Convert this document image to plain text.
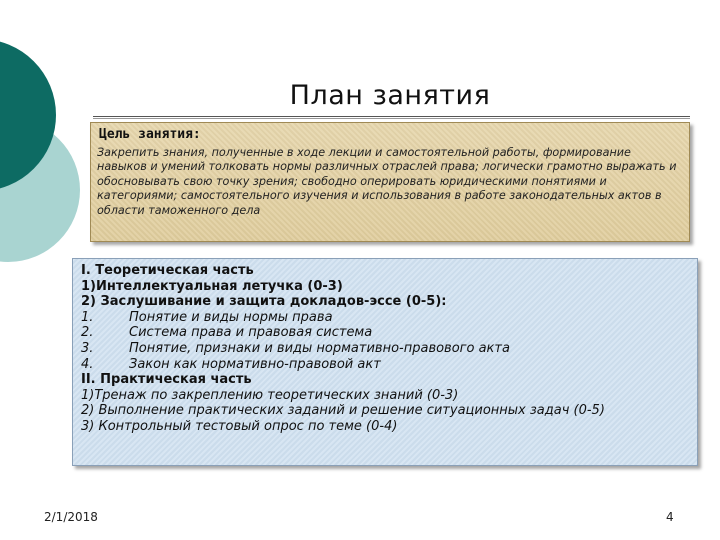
План занятия
Цель занятия:

Закрепить знания, полученные в ходе лекции и самостоятельной работы, формирование навыков и умений толковать нормы различных отраслей права; логически грамотно выражать и обосновывать свою точку зрения; свободно оперировать юридическими понятиями и категориями; самостоятельного изучения и использования в работе законодательных актов в области таможенного дела

I. Теоретическая часть
1)Интеллектуальная летучка (0-3)
2) Заслушивание и защита докладов-эссе (0-5):
1.	Понятие и виды нормы права
2.	Система права и правовая система
3.	Понятие, признаки и виды нормативно-правового акта
4.	Закон как нормативно-правовой акт
II. Практическая часть
1)Тренаж по закреплению теоретических знаний (0-3)
2) Выполнение практических заданий и решение ситуационных задач (0-5)
3) Контрольный тестовый опрос по теме (0-4)
2/1/2018	4
